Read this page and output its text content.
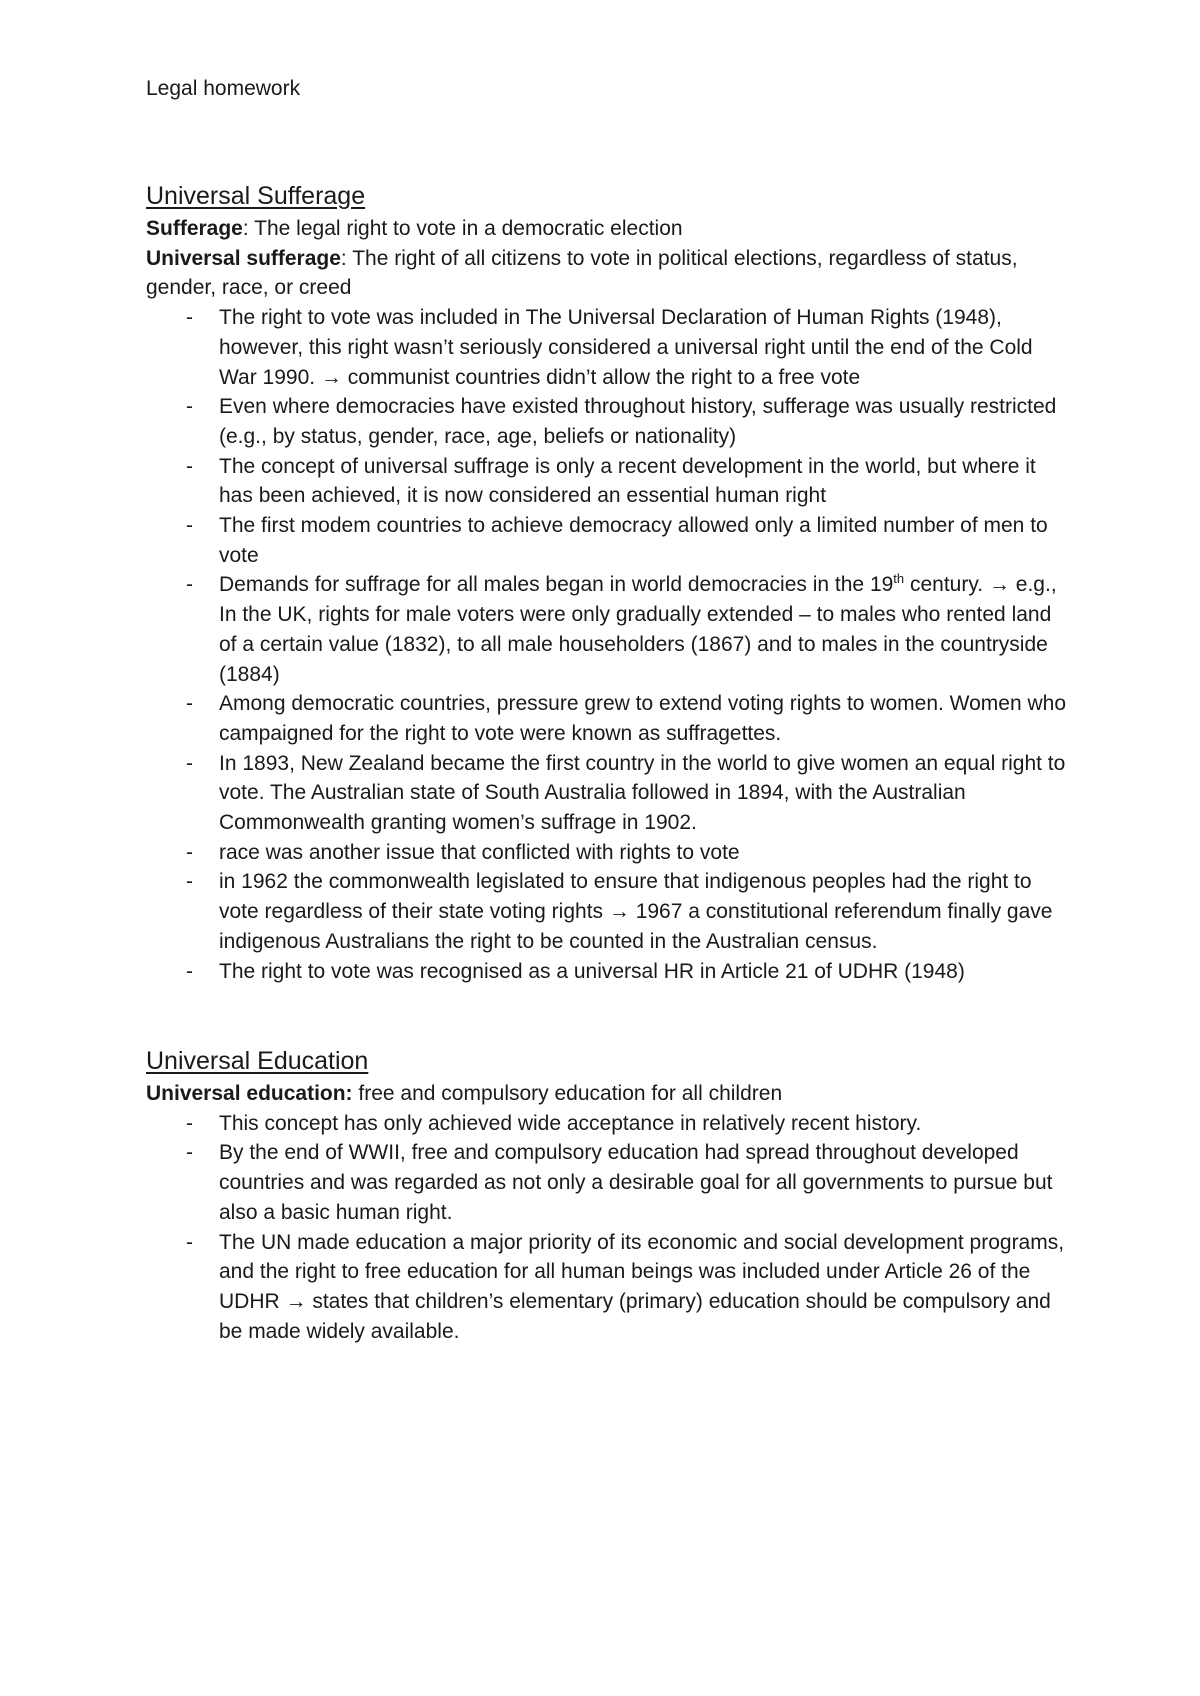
Legal homework

Universal Sufferage

Sufferage: The legal right to vote in a democratic election

Universal sufferage: The right of all citizens to vote in political elections, regardless of status, gender, race, or creed

- The right to vote was included in The Universal Declaration of Human Rights (1948), however, this right wasn’t seriously considered a universal right until the end of the Cold War 1990. → communist countries didn’t allow the right to a free vote
- Even where democracies have existed throughout history, sufferage was usually restricted (e.g., by status, gender, race, age, beliefs or nationality)
- The concept of universal suffrage is only a recent development in the world, but where it has been achieved, it is now considered an essential human right
- The first modem countries to achieve democracy allowed only a limited number of men to vote
- Demands for suffrage for all males began in world democracies in the 19th century. → e.g., In the UK, rights for male voters were only gradually extended – to males who rented land of a certain value (1832), to all male householders (1867) and to males in the countryside (1884)
- Among democratic countries, pressure grew to extend voting rights to women. Women who campaigned for the right to vote were known as suffragettes.
- In 1893, New Zealand became the first country in the world to give women an equal right to vote. The Australian state of South Australia followed in 1894, with the Australian Commonwealth granting women’s suffrage in 1902.
- race was another issue that conflicted with rights to vote
- in 1962 the commonwealth legislated to ensure that indigenous peoples had the right to vote regardless of their state voting rights → 1967 a constitutional referendum finally gave indigenous Australians the right to be counted in the Australian census.
- The right to vote was recognised as a universal HR in Article 21 of UDHR (1948)
Universal Education

Universal education: free and compulsory education for all children

- This concept has only achieved wide acceptance in relatively recent history.
- By the end of WWII, free and compulsory education had spread throughout developed countries and was regarded as not only a desirable goal for all governments to pursue but also a basic human right.
- The UN made education a major priority of its economic and social development programs, and the right to free education for all human beings was included under Article 26 of the UDHR → states that children’s elementary (primary) education should be compulsory and be made widely available.
